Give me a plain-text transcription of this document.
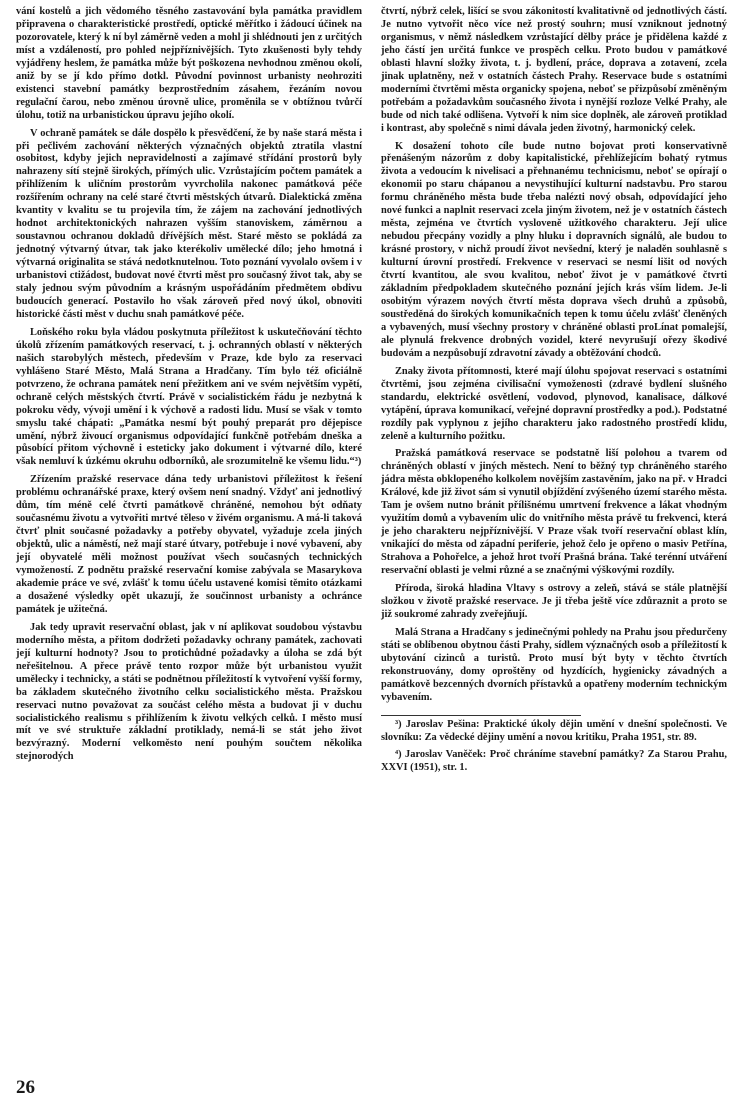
vání kostelů a jich vědomého těsného zastavování byla památka pravidlem připravena o charakteristické prostředí, optické měřítko i žádoucí účinek na pozorovatele, který k ní byl záměrně veden a mohl ji shlédnouti jen z určitých míst a vzdáleností, pro pohled nejpříznivějších. Tyto zkušenosti byly tehdy vyjádřeny heslem, že památka může být poškozena nevhodnou změnou okolí, aniž by se jí kdo přímo dotkl. Původní povinnost urbanisty neohroziti existenci stavební památky bezprostředním zásahem, řezáním novou regulační čarou, nebo změnou úrovně ulice, proměnila se v obtížnou tvůrčí úlohu, totiž na urbanistickou úpravu jejího okolí.

V ochraně památek se dále dospělo k přesvědčení, že by naše stará města i při pečlivém zachování některých význačných objektů ztratila vlastní osobitost, kdyby jejich nepravidelnosti a zajímavé střídání prostorů byly nahrazeny sítí stejně širokých, přímých ulic. Vzrůstajícím počtem památek a přihlížením k uličním prostorům vyvrcholila nakonec památková péče rozšířením ochrany na celé staré čtvrti městských útvarů. Dialektická změna kvantity v kvalitu se tu projevila tím, že zájem na zachování jednotlivých hodnot architektonických nahrazen vyšším stanoviskem, záměrnou a soustavnou ochranou dokladů dřívějších měst. Staré město se pokládá za jednotný výtvarný útvar, tak jako kterékoliv umělecké dílo; jeho hmotná i výtvarná originalita se stává nedotknutelnou. Toto poznání vyvolalo ovšem i v urbanistovi ctižádost, budovat nové čtvrti měst pro současný život tak, aby se staly jednou svým původním a krásným uspořádáním předmětem obdivu budoucích generací. Postavilo ho však zároveň před nový úkol, obnoviti historické části měst v duchu snah památkové péče.

Loňského roku byla vládou poskytnuta příležitost k uskutečňování těchto úkolů zřízením památkových reservací, t. j. ochranných oblastí v některých našich starobylých městech, především v Praze, kde bylo za reservaci vyhlášeno Staré Město, Malá Strana a Hradčany. Tím bylo též oficiálně potvrzeno, že ochrana památek není přežitkem ani ve svém největším vypětí, ochraně celých městských čtvrtí. Právě v socialistickém řádu je nezbytná k pokroku vědy, vývoji umění i k výchově a radosti lidu. Musí se však v tomto smyslu také chápati: „Památka nesmí být pouhý preparát pro dějepisce umění, nýbrž živoucí organismus odpovídající funkčně potřebám dneška a působící přitom výchovně i esteticky jako dokument i výtvarné dílo, které však nemluví k úzkému okruhu odborníků, ale srozumitelně ke všemu lidu.“³)

Zřízením pražské reservace dána tedy urbanistovi příležitost k řešení problému ochranářské praxe, který ovšem není snadný. Vždyť ani jednotlivý dům, tím méně celé čtvrti památkově chráněné, nemohou být odňaty současnému životu a vytvořiti mrtvé těleso v živém organismu. A má-li taková čtvrť plnit současné požadavky a potřeby obyvatel, vyžaduje zcela jiných objektů, ulic a náměstí, než mají staré útvary, potřebuje i nové vybavení, aby její obyvatelé měli možnost používat všech současných technických vymožeností. Z podnětu pražské reservační komise zabývala se Masarykova akademie práce ve své, zvlášť k tomu účelu ustavené komisi těmito otázkami a dosažené výsledky opět ukazují, že součinnost urbanisty a ochránce památek je užitečná.

Jak tedy upravit reservační oblast, jak v ní aplikovat soudobou výstavbu moderního města, a přitom dodržeti požadavky ochrany památek, zachovati její kulturní hodnoty? Jsou to protichůdné požadavky a úloha se zdá být neřešitelnou. A přece právě tento rozpor může být urbanistou využit umělecky i technicky, a státi se podnětnou příležitostí k vytvoření vyšší formy, ba základem skutečného životního celku socialistického města. Pražskou reservaci nutno považovat za součást celého města a budovat ji v duchu socialistického realismu s přihlížením k životu velkých celků. I město musí mít ve své struktuře základní protiklady, nemá-li se stát jeho život bezvýrazný. Moderní velkoměsto není pouhým součtem několika stejnorodých

čtvrtí, nýbrž celek, lišící se svou zákonitostí kvalitativně od jednotlivých částí. Je nutno vytvořit něco více než prostý souhrn; musí vzniknout jednotný organismus, v němž následkem vzrůstající dělby práce je přidělena každé z jeho částí jen určitá funkce ve prospěch celku. Proto budou v památkové oblasti hlavní složky života, t. j. bydlení, práce, doprava a zotavení, zcela jinak uplatněny, než v ostatních částech Prahy. Reservace bude s ostatními moderními čtvrtěmi města organicky spojena, neboť se přizpůsobí změněným potřebám a požadavkům současného života i nynější rozloze Velké Prahy, ale bude od nich také odlišena. Vytvoří k nim sice doplněk, ale zároveň protiklad i kontrast, aby společně s nimi dávala jeden životný, harmonický celek.

K dosažení tohoto cíle bude nutno bojovat proti konservativně přenášeným názorům z doby kapitalistické, přehlížejícím bohatý rytmus života a vedoucím k nivelisaci a přehnanému technicismu, neboť se opírají o ekonomii po staru chápanou a nevystihující kulturní nadstavbu. Pro starou formu chráněného města bude třeba nalézti nový obsah, odpovídající jeho nové funkci a naplnit reservaci zcela jiným životem, než je v ostatních částech města, zejména ve čtvrtích vysloveně užitkového charakteru. Její ulice nebudou přecpány vozidly a plny hluku i dopravních signálů, ale budou to krásné prostory, v nichž proudí život nevšední, který je naladěn souhlasně s kulturní úrovní prostředí. Frekvence v reservaci se nesmí lišit od nových čtvrtí kvantitou, ale svou kvalitou, neboť život je v památkové čtvrti základním předpokladem skutečného poznání jejích krás vším lidem. Je-li osobitým výrazem nových čtvrtí města doprava všech druhů a způsobů, soustředěná do širokých komunikačních tepen k tomu účelu zvlášť členěných a vybavených, musí všechny prostory v chráněné oblasti proLínat pomalejší, ale plynulá frekvence drobných vozidel, které nevyrušují ořezy škodivé budovám a nezpůsobují zdravotní závady a obtěžování chodců.

Znaky života přítomnosti, které mají úlohu spojovat reservaci s ostatními čtvrtěmi, jsou zejména civilisační vymoženosti (zdravé bydlení slušného standardu, elektrické osvětlení, vodovod, plynovod, kanalisace, dálkové vytápění, úprava komunikací, veřejné dopravní prostředky a pod.). Podstatné rozdíly pak vyplynou z jejího charakteru jako radostného prostředí klidu, zeleně a kulturního požitku.

Pražská památková reservace se podstatně liší polohou a tvarem od chráněných oblastí v jiných městech. Není to běžný typ chráněného starého jádra města obklopeného kolkolem novějším zastavěním, jako na př. v Hradci Králové, kde již život sám si vynutil objíždění zvýšeného území starého města. Tam je ovšem nutno bránit přílišnému umrtvení frekvence a lákat vhodným využitím domů a vybavením ulic do vnitřního města právě tu frekvenci, která je jeho charakteru nejpříznivější. V Praze však tvoří reservační oblast klín, vnikající do města od západní periferie, jehož čelo je opřeno o masiv Petřína, Strahova a Pohořelce, a jehož hrot tvoří Prašná brána. Také terénní utváření reservační oblasti je velmi různé a se značnými výškovými rozdíly.

Příroda, široká hladina Vltavy s ostrovy a zeleň, stává se stále platnější složkou v životě pražské reservace. Je ji třeba ještě více zdůraznit a proto se již soukromé zahrady zveřejňují.

Malá Strana a Hradčany s jedinečnými pohledy na Prahu jsou předurčeny státi se oblíbenou obytnou části Prahy, sídlem význačných osob a příležitostí k ubytování cizinců a turistů. Proto musí být byty v těchto čtvrtích rekonstruovány, domy oproštěny od hyzdících, hygienicky závadných a památkově bezcenných dvorních přístavků a opatřeny moderním technickým vybavením.

³) Jaroslav Pešina: Praktické úkoly dějin umění v dnešní společnosti. Ve slovníku: Za vědecké dějiny umění a novou kritiku, Praha 1951, str. 89.

⁴) Jaroslav Vaněček: Proč chráníme stavební památky? Za Starou Prahu, XXVI (1951), str. 1.

26
